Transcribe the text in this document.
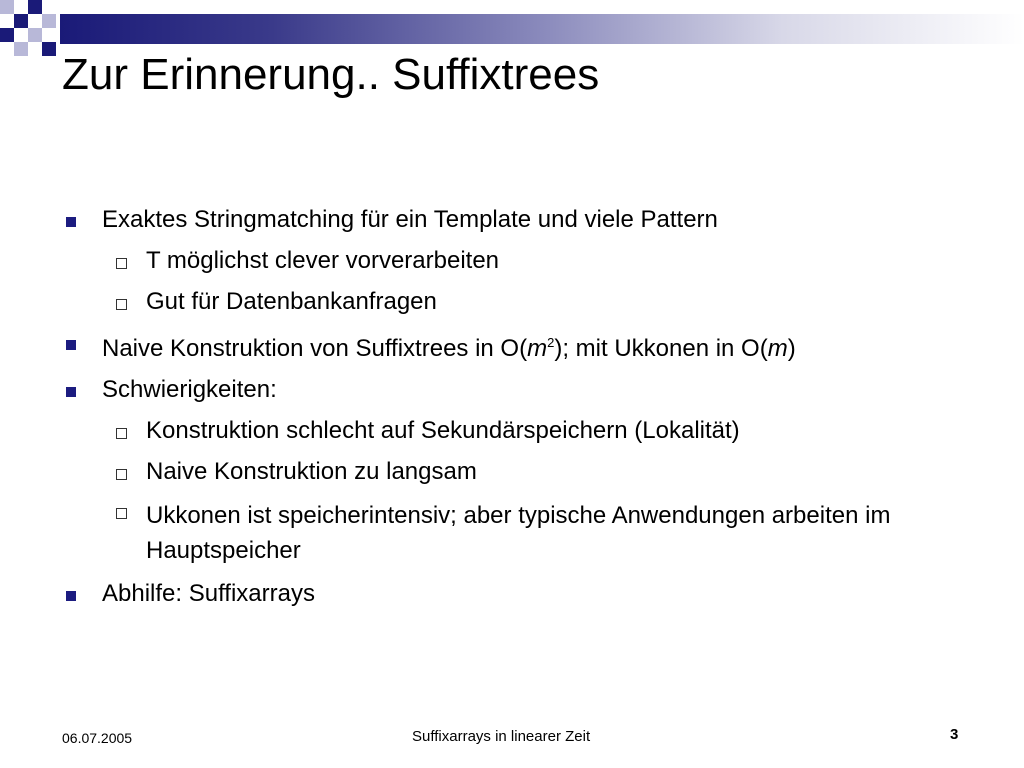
Zur Erinnerung.. Suffixtrees
Exaktes Stringmatching für ein Template und viele Pattern
T möglichst clever vorverarbeiten
Gut für Datenbankanfragen
Naive Konstruktion von Suffixtrees in $O(m^2)$; mit Ukkonen in O(m)
Schwierigkeiten:
Konstruktion schlecht auf Sekundärspeichern (Lokalität)
Naive Konstruktion zu langsam
Ukkonen ist speicherintensiv; aber typische Anwendungen arbeiten im Hauptspeicher
Abhilfe: Suffixarrays
06.07.2005	Suffixarrays in linearer Zeit	3
